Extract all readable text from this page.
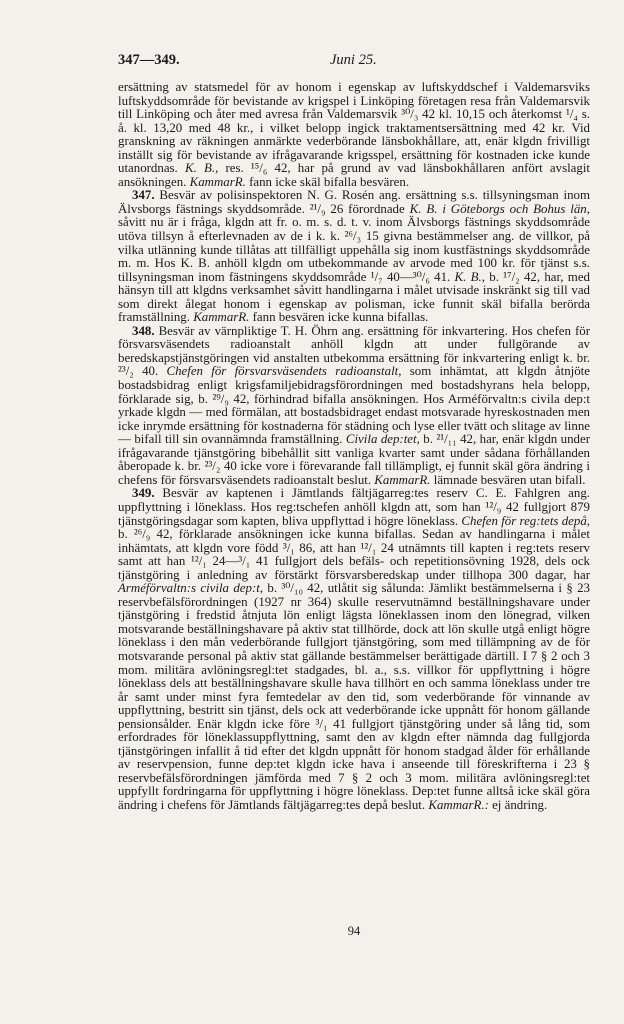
347—349.	Juni 25.

ersättning av statsmedel för av honom i egenskap av luftskyddschef i Valdemarsviks luftskyddsområde för bevistande av krigspel i Linköping företagen resa från Valdemarsvik till Linköping och åter med avresa från Valdemarsvik ³⁰/₃ 42 kl. 10,15 och återkomst ¹/₄ s. å. kl. 13,20 med 48 kr., i vilket belopp ingick traktamentsersättning med 42 kr. Vid granskning av räkningen anmärkte vederbörande länsbokhållare, att, enär klgdn frivilligt inställt sig för bevistande av ifrågavarande krigsspel, ersättning för kostnaden icke kunde utanordnas. K. B., res. ¹⁵/₆ 42, har på grund av vad länsbokhållaren anfört avslagit ansökningen. KammarR. fann icke skäl bifalla besvären.

347. Besvär av polisinspektoren N. G. Rosén ang. ersättning s.s. tillsyningsman inom Älvsborgs fästnings skyddsområde. ²¹/₉ 26 förordnade K. B. i Göteborgs och Bohus län, såvitt nu är i fråga, klgdn att fr. o. m. s. d. t. v. inom Älvsborgs fästnings skyddsområde utöva tillsyn å efterlevnaden av de i k. k. ²⁶/₃ 15 givna bestämmelser ang. de villkor, på vilka utlänning kunde tillåtas att tillfälligt uppehålla sig inom kustfästnings skyddsområde m. m. Hos K. B. anhöll klgdn om utbekommande av arvode med 100 kr. för tjänst s.s. tillsyningsman inom fästningens skyddsområde ¹/₇ 40—³⁰/₆ 41. K. B., b. ¹⁷/₂ 42, har, med hänsyn till att klgdns verksamhet såvitt handlingarna i målet utvisade inskränkt sig till vad som direkt ålegat honom i egenskap av polisman, icke funnit skäl bifalla berörda framställning. KammarR. fann besvären icke kunna bifallas.

348. Besvär av värnpliktige T. H. Öhrn ang. ersättning för inkvartering. Hos chefen för försvarsväsendets radioanstalt anhöll klgdn att under fullgörande av beredskapstjänstgöringen vid anstalten utbekomma ersättning för inkvartering enligt k. br. ²³/₂ 40. Chefen för försvarsväsendets radioanstalt, som inhämtat, att klgdn åtnjöte bostadsbidrag enligt krigsfamiljebidragsförordningen med bostadshyrans hela belopp, förklarade sig, b. ²⁹/₉ 42, förhindrad bifalla ansökningen. Hos Arméförvaltn:s civila dep:t yrkade klgdn — med förmälan, att bostadsbidraget endast motsvarade hyreskostnaden men icke inrymde ersättning för kostnaderna för städning och lyse eller tvätt och slitage av linne — bifall till sin ovannämnda framställning. Civila dep:tet, b. ²¹/₁₁ 42, har, enär klgdn under ifrågavarande tjänstgöring bibehållit sitt vanliga kvarter samt under sådana förhållanden åberopade k. br. ²³/₂ 40 icke vore i förevarande fall tillämpligt, ej funnit skäl göra ändring i chefens för försvarsväsendets radioanstalt beslut. KammarR. lämnade besvären utan bifall.

349. Besvär av kaptenen i Jämtlands fältjägarreg:tes reserv C. E. Fahlgren ang. uppflyttning i löneklass. Hos reg:tschefen anhöll klgdn att, som han ¹²/₉ 42 fullgjort 879 tjänstgöringsdagar som kapten, bliva uppflyttad i högre löneklass. Chefen för reg:tets depå, b. ²⁶/₉ 42, förklarade ansökningen icke kunna bifallas. Sedan av handlingarna i målet inhämtats, att klgdn vore född ³/₁ 86, att han ¹²/₁ 24 utnämnts till kapten i reg:tets reserv samt att han ¹²/₁ 24—³/₁ 41 fullgjort dels befäls- och repetitionsövning 1928, dels ock tjänstgöring i anledning av förstärkt försvarsberedskap under tillhopa 300 dagar, har Arméförvaltn:s civila dep:t, b. ³⁰/₁₀ 42, utlåtit sig sålunda: Jämlikt bestämmelserna i § 23 reservbefälsförordningen (1927 nr 364) skulle reservutnämnd beställningshavare under tjänstgöring i fredstid åtnjuta lön enligt lägsta löneklassen inom den lönegrad, vilken motsvarande beställningshavare på aktiv stat tillhörde, dock att lön skulle utgå enligt högre löneklass i den mån vederbörande fullgjort tjänstgöring, som med tillämpning av de för motsvarande personal på aktiv stat gällande bestämmelser berättigade därtill. I 7 § 2 och 3 mom. militära avlöningsregl:tet stadgades, bl. a., s.s. villkor för uppflyttning i högre löneklass dels att beställningshavare skulle hava tillhört en och samma löneklass under tre år samt under minst fyra femtedelar av den tid, som vederbörande för vinnande av uppflyttning, bestritt sin tjänst, dels ock att vederbörande icke uppnått för honom gällande pensionsålder. Enär klgdn icke före ³/₁ 41 fullgjort tjänstgöring under så lång tid, som erfordrades för löneklassuppflyttning, samt den av klgdn efter nämnda dag fullgjorda tjänstgöringen infallit å tid efter det klgdn uppnått för honom stadgad ålder för erhållande av reservpension, funne dep:tet klgdn icke hava i anseende till föreskrifterna i 23 § reservbefälsförordningen jämförda med 7 § 2 och 3 mom. militära avlöningsregl:tet uppfyllt fordringarna för uppflyttning i högre löneklass. Dep:tet funne alltså icke skäl göra ändring i chefens för Jämtlands fältjägarreg:tes depå beslut. KammarR.: ej ändring.

94
